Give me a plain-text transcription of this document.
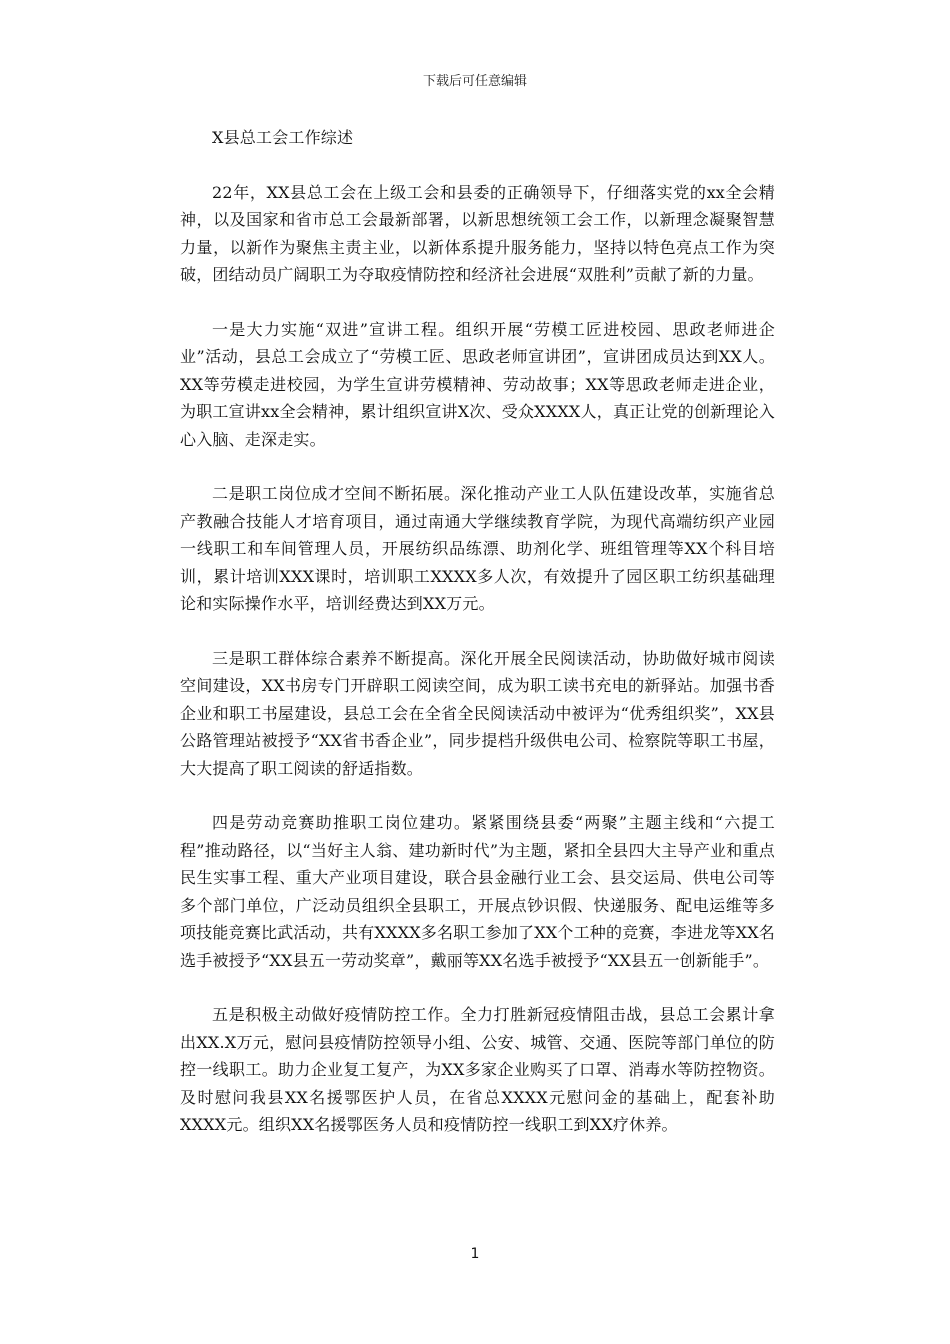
下载后可任意编辑
X县总工会工作综述

22年，XX县总工会在上级工会和县委的正确领导下，仔细落实党的xx全会精神，以及国家和省市总工会最新部署，以新思想统领工会工作，以新理念凝聚智慧力量，以新作为聚焦主责主业，以新体系提升服务能力，坚持以特色亮点工作为突破，团结动员广阔职工为夺取疫情防控和经济社会进展“双胜利”贡献了新的力量。

一是大力实施“双进”宣讲工程。组织开展“劳模工匠进校园、思政老师进企业”活动，县总工会成立了“劳模工匠、思政老师宣讲团”，宣讲团成员达到XX人。XX等劳模走进校园，为学生宣讲劳模精神、劳动故事；XX等思政老师走进企业，为职工宣讲xx全会精神，累计组织宣讲X次、受众XXXX人，真正让党的创新理论入心入脑、走深走实。

二是职工岗位成才空间不断拓展。深化推动产业工人队伍建设改革，实施省总产教融合技能人才培育项目，通过南通大学继续教育学院，为现代高端纺织产业园一线职工和车间管理人员，开展纺织品练漂、助剂化学、班组管理等XX个科目培训，累计培训XXX课时，培训职工XXXX多人次，有效提升了园区职工纺织基础理论和实际操作水平，培训经费达到XX万元。

三是职工群体综合素养不断提高。深化开展全民阅读活动，协助做好城市阅读空间建设，XX书房专门开辟职工阅读空间，成为职工读书充电的新驿站。加强书香企业和职工书屋建设，县总工会在全省全民阅读活动中被评为“优秀组织奖”，XX县公路管理站被授予“XX省书香企业”，同步提档升级供电公司、检察院等职工书屋，大大提高了职工阅读的舒适指数。

四是劳动竞赛助推职工岗位建功。紧紧围绕县委“两聚”主题主线和“六提工程”推动路径，以“当好主人翁、建功新时代”为主题，紧扣全县四大主导产业和重点民生实事工程、重大产业项目建设，联合县金融行业工会、县交运局、供电公司等多个部门单位，广泛动员组织全县职工，开展点钞识假、快递服务、配电运维等多项技能竞赛比武活动，共有XXXX多名职工参加了XX个工种的竞赛，李进龙等XX名选手被授予“XX县五一劳动奖章”，戴丽等XX名选手被授予“XX县五一创新能手”。

五是积极主动做好疫情防控工作。全力打胜新冠疫情阻击战，县总工会累计拿出XX.X万元，慰问县疫情防控领导小组、公安、城管、交通、医院等部门单位的防控一线职工。助力企业复工复产，为XX多家企业购买了口罩、消毒水等防控物资。及时慰问我县XX名援鄂医护人员，在省总XXXX元慰问金的基础上，配套补助XXXX元。组织XX名援鄂医务人员和疫情防控一线职工到XX疗休养。

1
